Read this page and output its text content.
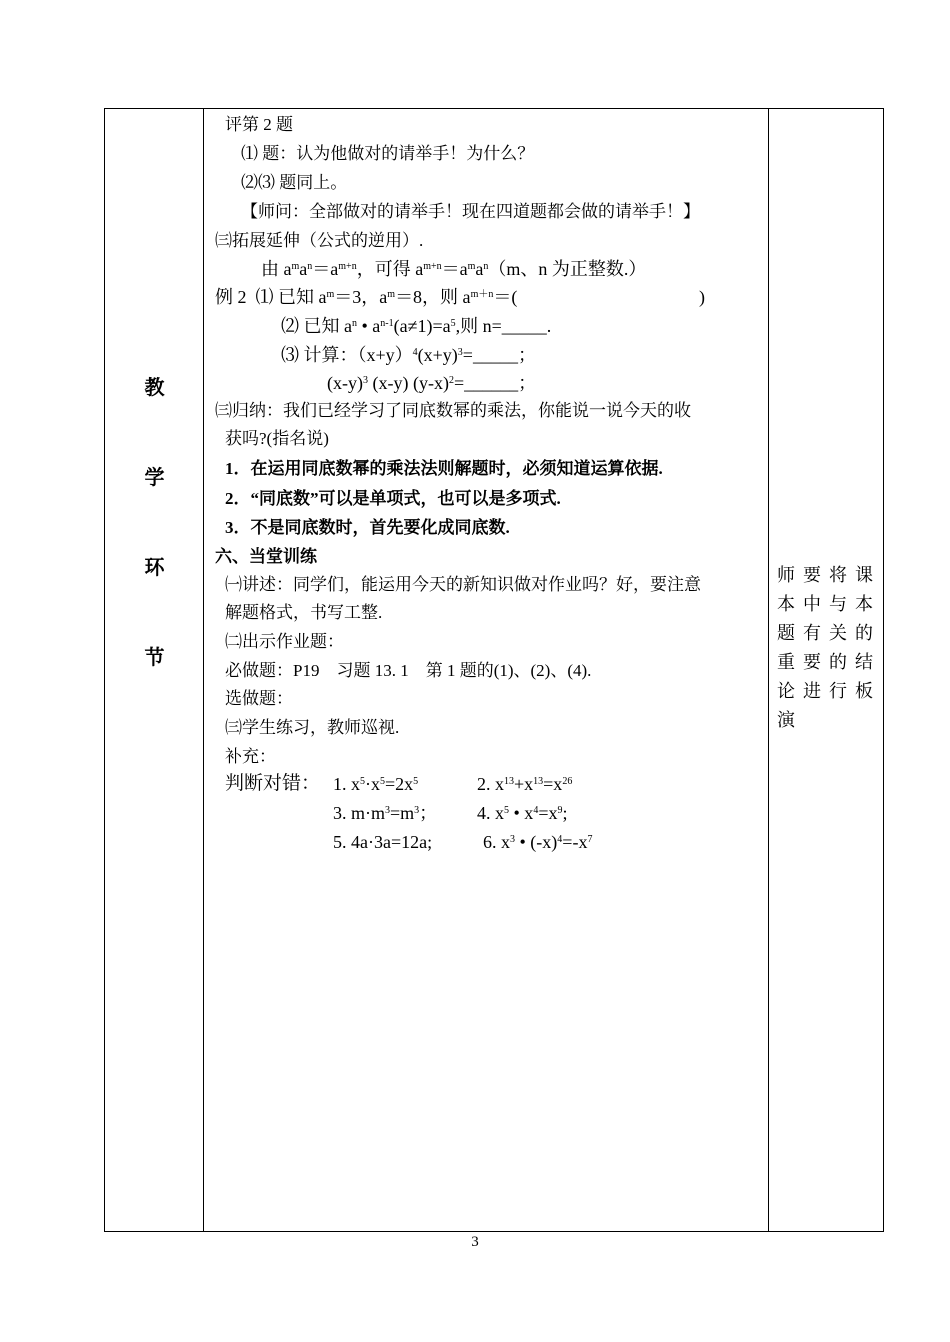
教
学
环
节
评第 2 题
⑴ 题：认为他做对的请举手！为什么？
⑵⑶ 题同上。
【师问：全部做对的请举手！现在四道题都会做的请举手！】
㈢拓展延伸（公式的逆用）.
由 $a^ma^n=a^{m+n}$，可得 $a^{m+n}=a^ma^n(m$、n 为正整数.）
例 2 ⑴ 已知 $a^m=3$，$a^m=8$，则 $a^{m+n}=$(	)
⑵ 已知 $a^n$ • $a^{n-1}(a\ne 1)=a^5$,则 n=_____.
⑶ 计算：$(x+y)^4(x+y)^3=\_\_\_\_\_$；
$(x-y)^3$ (x-y) $(y-x)^2=\_\_\_\_\_\_$；
㈢归纳：我们已经学习了同底数幂的乘法，你能说一说今天的收
获吗?(指名说)
1．在运用同底数幂的乘法法则解题时，必须知道运算依据.
2．“同底数”可以是单项式，也可以是多项式.
3．不是同底数时，首先要化成同底数.
六、当堂训练
㈠讲述：同学们，能运用今天的新知识做对作业吗？好，要注意
解题格式，书写工整.
㈡出示作业题：
必做题：P19　习题 13. 1　第 1 题的(1)、(2)、(4).
选做题：
㈢学生练习，教师巡视.
补充：
判断对错： 1. $x^5\cdot x^5=2x^5$	2. $x^{13}+x^{13}=x^{26}$
3. $m\cdot m^3=m^3$； 4. $x^5$ • $x^4=x^9$;
5. 4a·3a=12a;	6. $x^3$ • $(-x)^4=-x^7$
师要将课本中与本题有关的重要的结论进行板演
3
